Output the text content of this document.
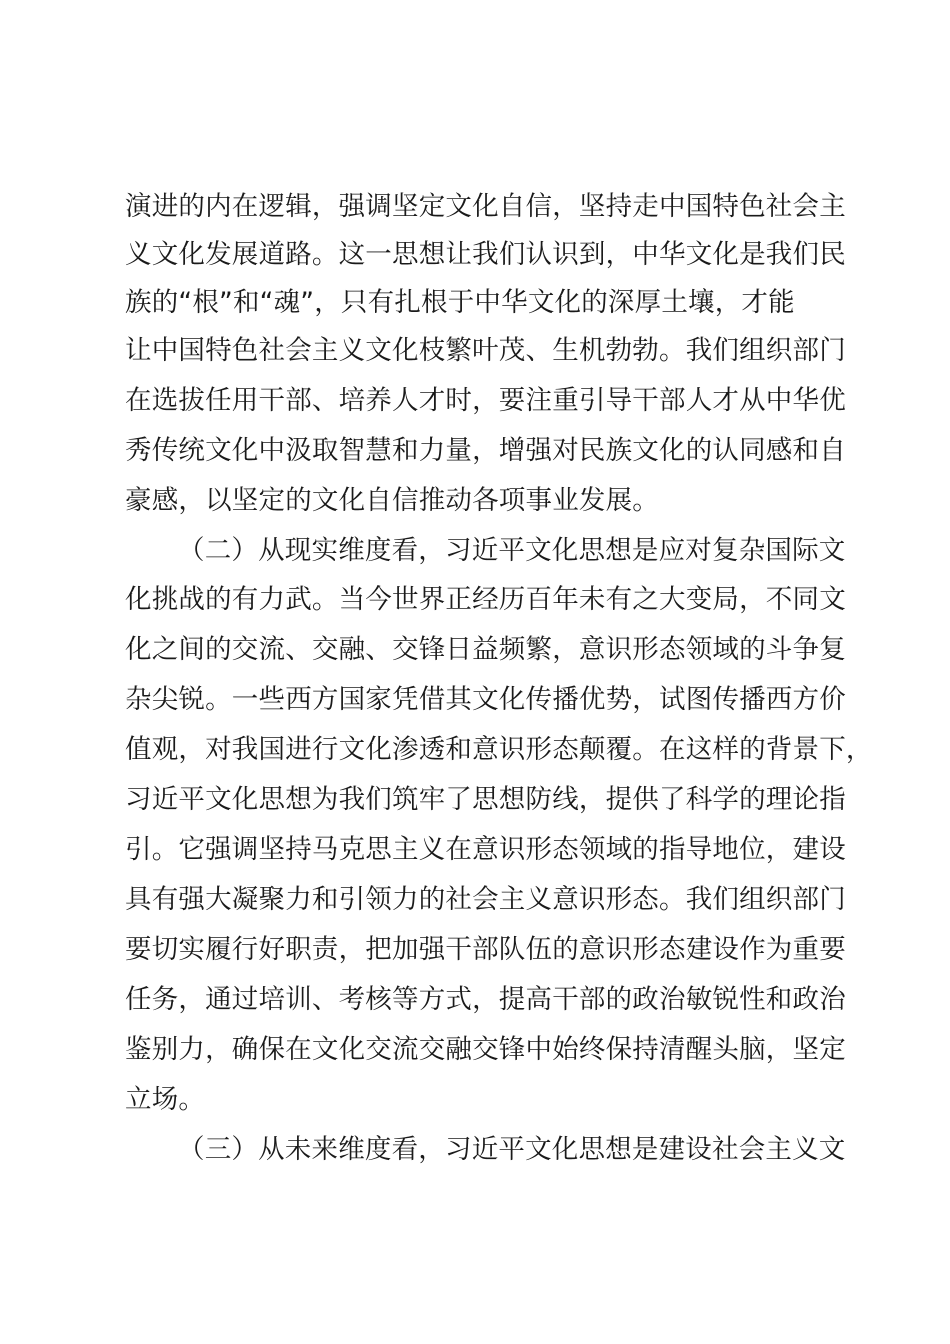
演进的内在逻辑，强调坚定文化自信，坚持走中国特色社会主
义文化发展道路。这一思想让我们认识到，中华文化是我们民
族的“根”和“魂”，只有扎根于中华文化的深厚土壤，才能
让中国特色社会主义文化枝繁叶茂、生机勃勃。我们组织部门
在选拔任用干部、培养人才时，要注重引导干部人才从中华优
秀传统文化中汲取智慧和力量，增强对民族文化的认同感和自
豪感，以坚定的文化自信推动各项事业发展。
（二）从现实维度看，习近平文化思想是应对复杂国际文
化挑战的有力武。当今世界正经历百年未有之大变局，不同文
化之间的交流、交融、交锋日益频繁，意识形态领域的斗争复
杂尖锐。一些西方国家凭借其文化传播优势，试图传播西方价
值观，对我国进行文化渗透和意识形态颠覆。在这样的背景下，
习近平文化思想为我们筑牢了思想防线，提供了科学的理论指
引。它强调坚持马克思主义在意识形态领域的指导地位，建设
具有强大凝聚力和引领力的社会主义意识形态。我们组织部门
要切实履行好职责，把加强干部队伍的意识形态建设作为重要
任务，通过培训、考核等方式，提高干部的政治敏锐性和政治
鉴别力，确保在文化交流交融交锋中始终保持清醒头脑，坚定
立场。
（三）从未来维度看，习近平文化思想是建设社会主义文
